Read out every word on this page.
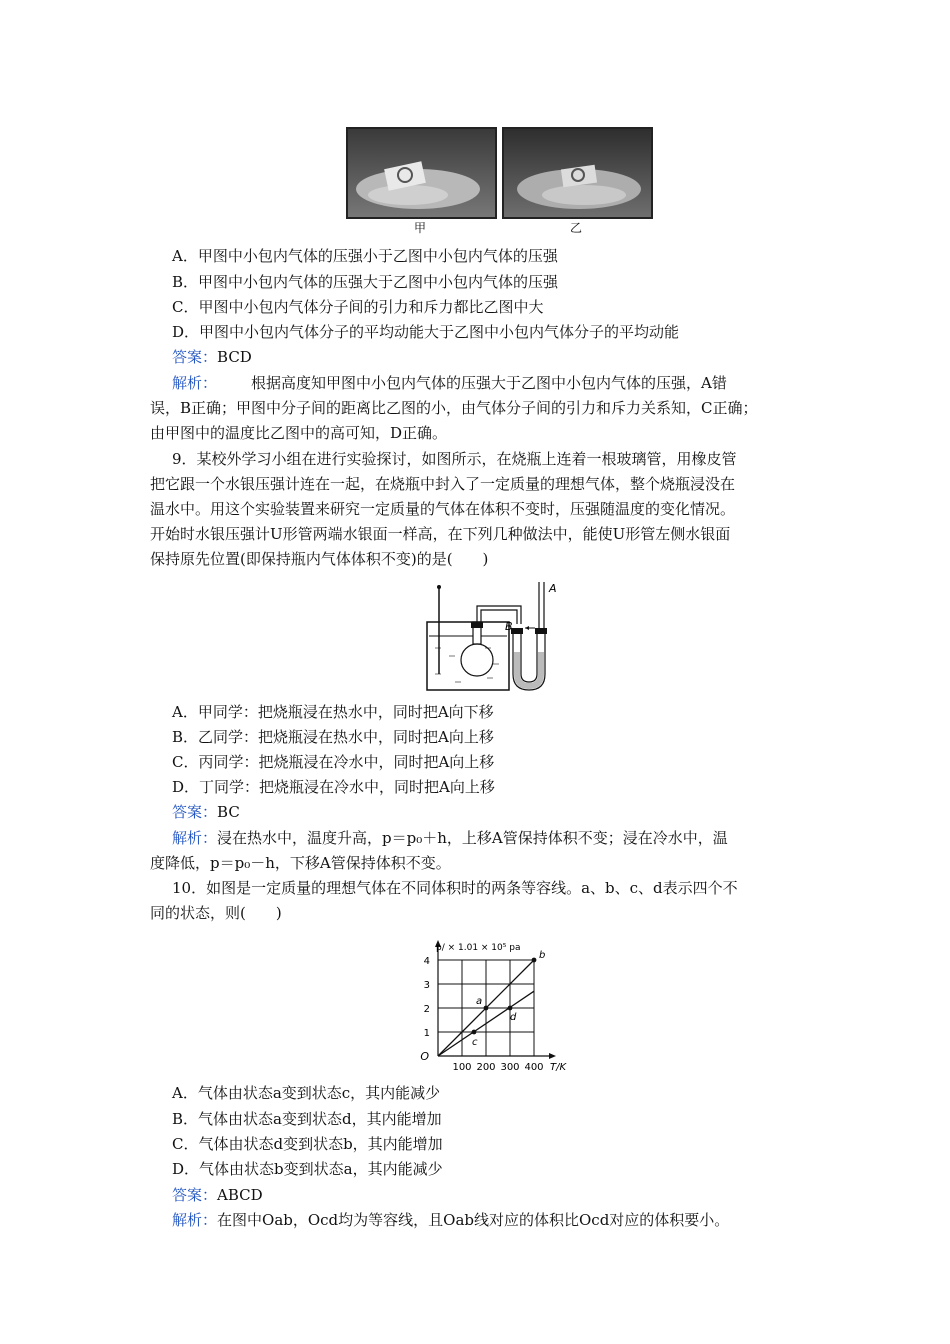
甲	乙
A．甲图中小包内气体的压强小于乙图中小包内气体的压强
B．甲图中小包内气体的压强大于乙图中小包内气体的压强
C．甲图中小包内气体分子间的引力和斥力都比乙图中大
D．甲图中小包内气体分子的平均动能大于乙图中小包内气体分子的平均动能
答案：BCD
解析： 根据高度知甲图中小包内气体的压强大于乙图中小包内气体的压强，A错
误，B正确；甲图中分子间的距离比乙图的小，由气体分子间的引力和斥力关系知，C正确；
由甲图中的温度比乙图中的高可知，D正确。
9．某校外学习小组在进行实验探讨，如图所示，在烧瓶上连着一根玻璃管，用橡皮管
把它跟一个水银压强计连在一起，在烧瓶中封入了一定质量的理想气体，整个烧瓶浸没在
温水中。用这个实验装置来研究一定质量的气体在体积不变时，压强随温度的变化情况。
开始时水银压强计U形管两端水银面一样高，在下列几种做法中，能使U形管左侧水银面
保持原先位置(即保持瓶内气体体积不变)的是(　　)
A
B
A．甲同学：把烧瓶浸在热水中，同时把A向下移
B．乙同学：把烧瓶浸在热水中，同时把A向上移
C．丙同学：把烧瓶浸在冷水中，同时把A向上移
D．丁同学：把烧瓶浸在冷水中，同时把A向上移
答案：BC
解析：浸在热水中，温度升高，p＝p₀＋h，上移A管保持体积不变；浸在冷水中，温
度降低，p＝p₀－h，下移A管保持体积不变。
10．如图是一定质量的理想气体在不同体积时的两条等容线。a、b、c、d表示四个不
同的状态，则(　　)
100 200 300 400
1
2
3
4
O
p/ × 1.01 × 10⁵ pa
T/K
a
b
c
d
A．气体由状态a变到状态c，其内能减少
B．气体由状态a变到状态d，其内能增加
C．气体由状态d变到状态b，其内能增加
D．气体由状态b变到状态a，其内能减少
答案：ABCD
解析：在图中Oab，Ocd均为等容线，且Oab线对应的体积比Ocd对应的体积要小。
